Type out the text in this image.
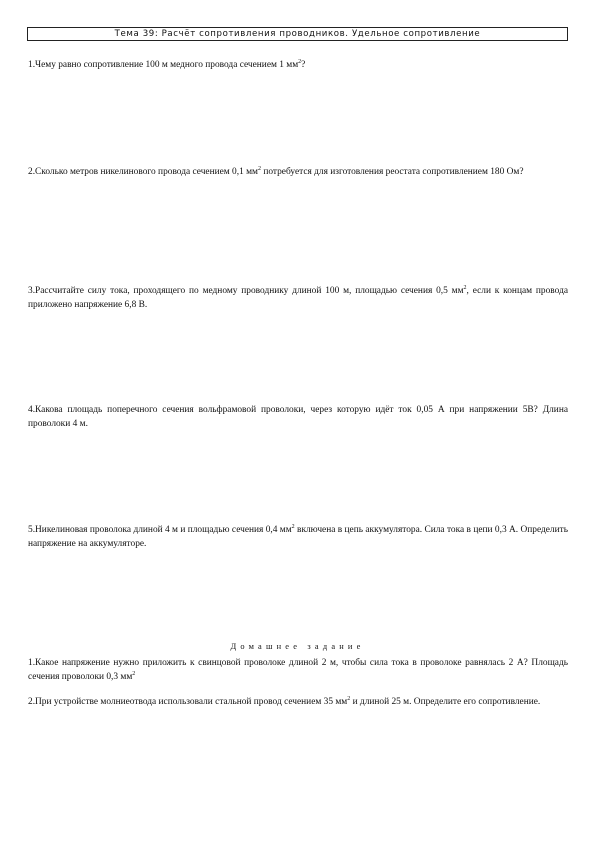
Тема 39: Расчёт сопротивления проводников. Удельное сопротивление

1.Чему равно сопротивление 100 м медного провода сечением 1 $мм^2$?

2.Сколько метров никелинового провода сечением 0,1 $мм^2$ потребуется для изготовления реостата сопротивлением 180 Ом?

3.Рассчитайте силу тока, проходящего по медному проводнику длиной 100 м, площадью сечения 0,5 $мм^2$, если к концам провода приложено напряжение 6,8 В.

4.Какова площадь поперечного сечения вольфрамовой проволоки, через которую идёт ток 0,05 А при напряжении 5В? Длина проволоки 4 м.

5.Никелиновая проволока длиной 4 м и площадью сечения 0,4 $мм^2$ включена в цепь аккумулятора. Сила тока в цепи 0,3 А. Определить напряжение на аккумуляторе.

Домашнее задание

1.Какое напряжение нужно приложить к свинцовой проволоке длиной 2 м, чтобы сила тока в проволоке равнялась 2 А? Площадь сечения проволоки 0,3 $мм^2$

2.При устройстве молниеотвода использовали стальной провод сечением 35 $мм^2$ и длиной 25 м. Определите его сопротивление.
